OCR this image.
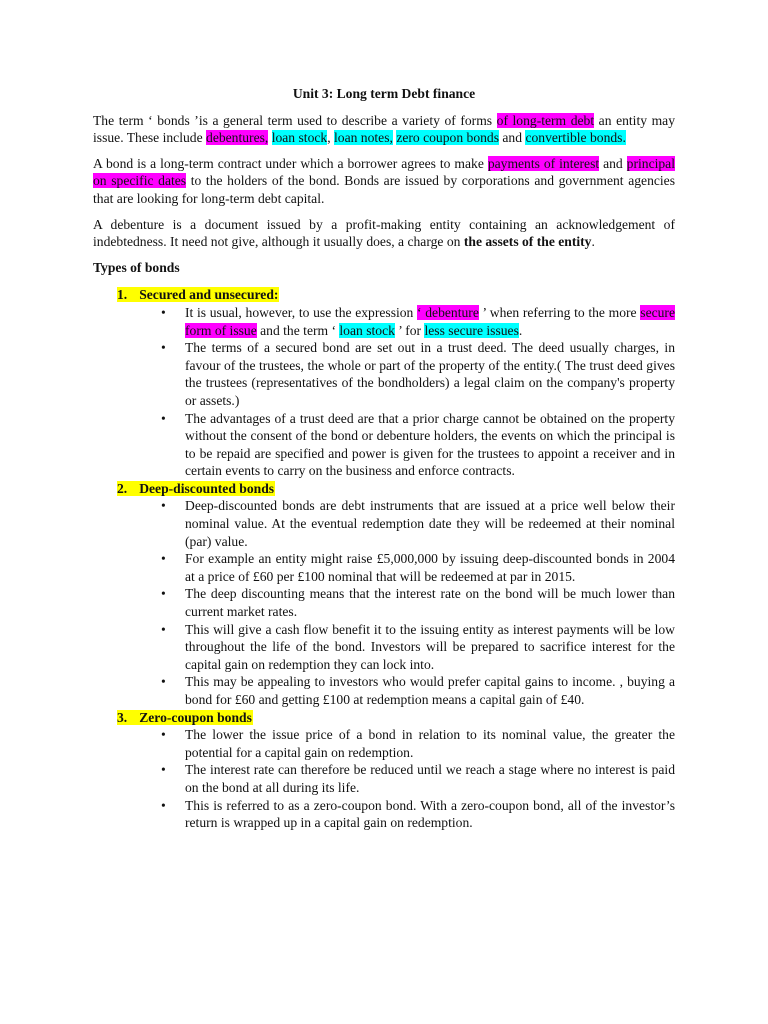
Unit 3: Long term Debt finance

The term ‘ bonds ’is a general term used to describe a variety of forms of long-term debt an entity may issue. These include debentures, loan stock, loan notes, zero coupon bonds and convertible bonds.

A bond is a long-term contract under which a borrower agrees to make payments of interest and principal on specific dates to the holders of the bond. Bonds are issued by corporations and government agencies that are looking for long-term debt capital.

A debenture is a document issued by a profit-making entity containing an acknowledgement of indebtedness. It need not give, although it usually does, a charge on the assets of the entity.

Types of bonds
1. Secured and unsecured:
• It is usual, however, to use the expression ‘ debenture ’ when referring to the more secure form of issue and the term ‘ loan stock ’ for less secure issues.
• The terms of a secured bond are set out in a trust deed. The deed usually charges, in favour of the trustees, the whole or part of the property of the entity.( The trust deed gives the trustees (representatives of the bondholders) a legal claim on the company's property or assets.)
• The advantages of a trust deed are that a prior charge cannot be obtained on the property without the consent of the bond or debenture holders, the events on which the principal is to be repaid are specified and power is given for the trustees to appoint a receiver and in certain events to carry on the business and enforce contracts.
2. Deep-discounted bonds
• Deep-discounted bonds are debt instruments that are issued at a price well below their nominal value. At the eventual redemption date they will be redeemed at their nominal (par) value.
• For example an entity might raise £5,000,000 by issuing deep-discounted bonds in 2004 at a price of £60 per £100 nominal that will be redeemed at par in 2015.
• The deep discounting means that the interest rate on the bond will be much lower than current market rates.
• This will give a cash flow benefit it to the issuing entity as interest payments will be low throughout the life of the bond. Investors will be prepared to sacrifice interest for the capital gain on redemption they can lock into.
• This may be appealing to investors who would prefer capital gains to income. , buying a bond for £60 and getting £100 at redemption means a capital gain of £40.
3. Zero-coupon bonds
• The lower the issue price of a bond in relation to its nominal value, the greater the potential for a capital gain on redemption.
• The interest rate can therefore be reduced until we reach a stage where no interest is paid on the bond at all during its life.
• This is referred to as a zero-coupon bond. With a zero-coupon bond, all of the investor’s return is wrapped up in a capital gain on redemption.
